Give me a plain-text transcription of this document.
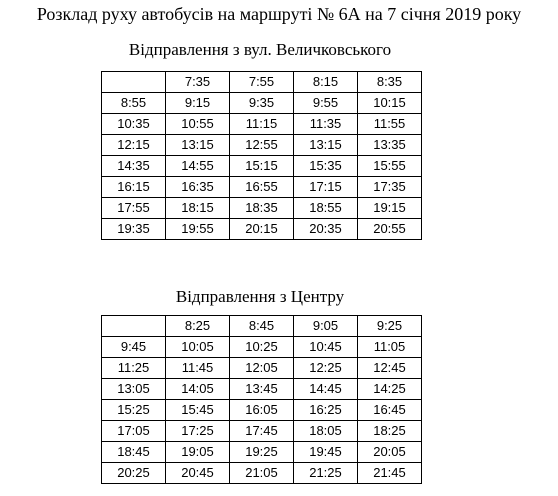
Розклад руху автобусів на маршруті № 6А на 7 січня 2019 року
Відправлення з вул. Величковського
	7:35	7:55	8:15	8:35
8:55	9:15	9:35	9:55	10:15
10:35	10:55	11:15	11:35	11:55
12:15	13:15	12:55	13:15	13:35
14:35	14:55	15:15	15:35	15:55
16:15	16:35	16:55	17:15	17:35
17:55	18:15	18:35	18:55	19:15
19:35	19:55	20:15	20:35	20:55
Відправлення з Центру
	8:25	8:45	9:05	9:25
9:45	10:05	10:25	10:45	11:05
11:25	11:45	12:05	12:25	12:45
13:05	14:05	13:45	14:45	14:25
15:25	15:45	16:05	16:25	16:45
17:05	17:25	17:45	18:05	18:25
18:45	19:05	19:25	19:45	20:05
20:25	20:45	21:05	21:25	21:45
